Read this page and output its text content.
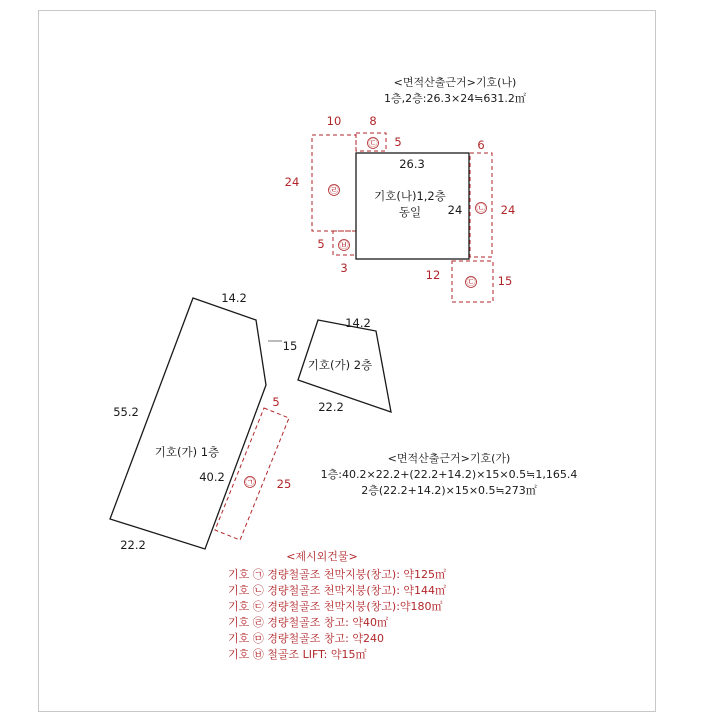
<면적산출근거>기호(나)
1층,2층:26.3×24≒631.2㎡
10
24
㉣
8
5
㉢
5
3
㉥
26.3
24
기호(나)1,2층
동일
6
24
㉡
12	15
㉢
14.2
15
55.2
40.2
22.2
기호(가) 1층
5
25
㉠
14.2
22.2
기호(가) 2층
<면적산출근거>기호(가)
1층:40.2×22.2+(22.2+14.2)×15×0.5≒1,165.4
2층(22.2+14.2)×15×0.5≒273㎡
<제시외건물>
기호 ㉠ 경량철골조 천막지붕(창고): 약125㎡
기호 ㉡ 경량철골조 천막지붕(창고): 약144㎡
기호 ㉢ 경량철골조 천막지붕(창고):약180㎡
기호 ㉣ 경량철골조 창고: 약40㎡
기호 ㉤ 경량철골조 창고: 약240
기호 ㉥ 철골조 LIFT: 약15㎡
